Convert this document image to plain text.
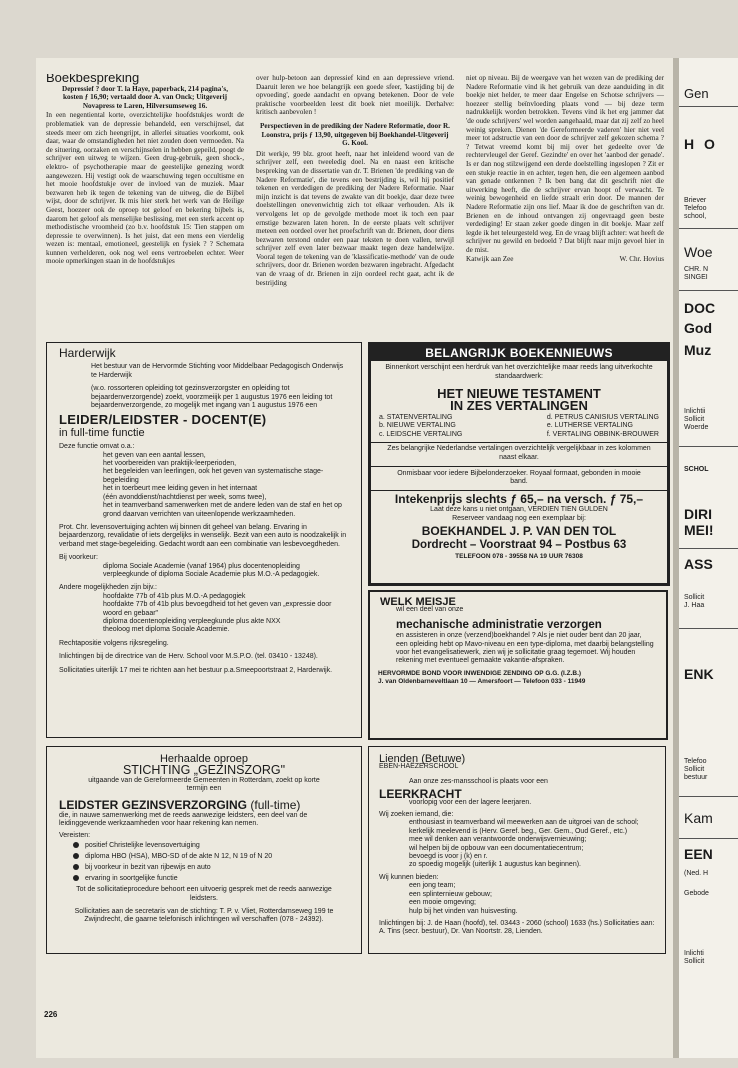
Gen
H O
Briever
Telefoo
school,
Woe
CHR. N
SINGEI
DOC
God
Muz
Inlichtii
Sollicit
Woerde
SCHOL
DIRI
MEI!
ASS
Sollicit
J. Haa
ENK
Telefoo
Sollicit
bestuur
Kam
EEN
(Ned. H
Gebode
Inlichti
Sollicit
Boekbespreking

Depressief ? door T. la Haye, paperback, 214 pagina's, kosten ƒ 16,90; vertaald door A. van Onck; Uitgeverij Novapress te Laren, Hilversumseweg 16.

In een negentiental korte, overzichtelijke hoofdstukjes wordt de problematiek van de depressie behandeld, een verschijnsel, dat steeds meer om zich heengrijpt, in allerlei situaties voorkomt, ook daar, waar de omstandigheden het niet zouden doen vermoeden. Na de situering, oorzaken en verschijnselen in hebben gepeild, poogt de schrijver een uitweg te wijzen. Geen drug-gebruik, geen shock-, elektro- of psychotherapie maar de geestelijke genezing wordt aangewezen. Hij vestigt ook de waarschuwing tegen occultisme en het mooie hoofdstukje over de invloed van de muziek. Maar bezwaren heb ik tegen de tekening van de uitweg, die de Bijbel wijst, door de schrijver. Ik mis hier sterk het werk van de Heilige Geest, hoezeer ook de oproep tot geloof en bekering bijbels is, daarom het geloof als menselijke beslissing, met een sterk accent op methodistische vroomheid (zo b.v. hoofdstuk 15: Tien stappen om depressie te overwinnen). Is het juist, dat een mens een vierdelig wezen is: mentaal, emotioneel, geestelijk en fysiek ? ? Schemata kunnen verhelderen, ook nog wel eens vertroebelen echter. Weer mooie opmerkingen staan in de hoofdstukjes

over hulp-betoon aan depressief kind en aan depressieve vriend. Daaruit leren we hoe belangrijk een goede sfeer, 'kastijding bij de opvoeding', goede aandacht en opvang betekenen. Door de vele praktische voorbeelden leest dit boek niet moeilijk. Derhalve: kritisch aanbevolen !

Perspectieven in de prediking der Nadere Reformatie, door R. Loonstra, prijs ƒ 13,90, uitgegeven bij Boekhandel-Uitgeverij G. Kool.

Dit werkje, 99 blz. groot heeft, naar het inleidend woord van de schrijver zelf, een tweeledig doel. Na en naast een kritische bespreking van de dissertatie van dr. T. Brienen 'de prediking van de Nadere Reformatie', die tevens een bestrijding is, wil hij positief tekenen en verdedigen de prediking der Nadere Reformatie. Naar mijn inzicht is dat tevens de zwakte van dit boekje, daar deze twee doelstellingen onevenwichtig zich tot elkaar verhouden. Als ik vervolgens let op de gevolgde methode moet ik toch een paar ernstige bezwaren laten horen. In de eerste plaats velt schrijver meteen een oordeel over het proefschrift van dr. Brienen, door diens bezwaren terstond onder een paar teksten te doen vallen, terwijl schrijver zelf even later bezwaar maakt tegen deze handelwijze. Vooral tegen de tekening van de 'klassificatie-methode' van de oude schrijvers, door dr. Brienen worden bezwaren ingebracht. Afgedacht van de vraag of dr. Brienen in zijn oordeel recht gaat, acht ik de bestrijding

niet op niveau. Bij de weergave van het wezen van de prediking der Nadere Reformatie vind ik het gebruik van deze aanduiding in dit boekje niet helder, te meer daar Engelse en Schotse schrijvers — hoezeer stellig beïnvloeding plaats vond — bij deze term nadrukkelijk worden betrokken. Tevens vind ik het erg jammer dat 'de oude schrijvers' wel worden aangehaald, maar dat zij zelf zo heel weinig spreken. Dienen 'de Gereformeerde vaderen' hier niet veel meer tot adstructie van een door de schrijver zelf gekozen schema ? ? Tetwat vreemd komt bij mij over het gedeelte over 'de rechtervleugel der Geref. Gezindte' en over het 'aanbod der genade'. Is er dan nog stilzwijgend een derde doelstelling ingeslopen ? Zit er een stukje reactie in en achter, tegen hen, die een algemeen aanbod van genade ontkennen ? Ik ben bang dat dit geschrift niet die uitwerking heeft, die de schrijver ervan hoopt of verwacht. Te weinig bewogenheid en liefde straalt erin door. De mannen der Nadere Reformatie zijn ons lief. Maar ik doe de geschriften van dr. Brienen en de inhoud ontvangen zij ongevraagd geen beste verdediging! Er staan zeker goede dingen in dit boekje. Maar zelf legde ik het teleurgesteld weg. En de vraag blijft achter: wat heeft de schrijver nu gewild en bedoeld ? Dat blijft naar mijn gevoel hier in de mist.

Katwijk aan Zee	W. Chr. Hovius

Harderwijk
Het bestuur van de Hervormde Stichting voor Middelbaar Pedagogisch Onderwijs te Harderwijk
(w.o. rossorteren opleiding tot gezinsverzorgster en opleiding tot bejaardenverzorgende) zoekt, voorzmeiijk per 1 augustus 1976 een leiding tot bejaardenverzorgende, zo mogelijk met ingang van 1 augustus 1976 een
LEIDER/LEIDSTER - DOCENT(E)
in full-time functie
Deze functie omvat o.a.:
het geven van een aantal lessen,
het voorbereiden van praktijk-leerperioden,
het begeleiden van leerlingen, ook het geven van systematische stage-begeleiding
het in toerbeurt mee leiding geven in het internaat
(één avonddienst/nachtdienst per week, soms twee),
het in teamverband samenwerken met de andere leden van de staf en het op grond daarvan verrichten van uiteenlopende werkzaamheden.
Prot. Chr. levensovertuiging achten wij binnen dit geheel van belang. Ervaring in bejaardenzorg, revalidatie of iets dergelijks in wenselijk. Bezit van een auto is noodzakelijk in verband met stage-begeleiding. Gedacht wordt aan een combinatie van lesbevoegdheden.
Bij voorkeur:
diploma Sociale Academie (vanaf 1964) plus docentenopleiding verpleegkunde of diploma Sociale Academie plus M.O.-A pedagogiek.
Andere mogelijkheden zijn bijv.:
hoofdakte 77b of 41b plus M.O.-A pedagogiek
hoofdakte 77b of 41b plus bevoegdheid tot het geven van „expressie door woord en gebaar"
diploma docentenopleiding verpleegkunde plus akte NXX
theoloog met diploma Sociale Academie.
Rechtapositie volgens rijksregeling.
Inlichtingen bij de directrice van de Herv. School voor M.S.P.O. (tel. 03410 - 13248).
Sollicitaties uiterlijk 17 mei te richten aan het bestuur p.a.Smeepoortstraat 2, Harderwijk.
BELANGRIJK BOEKENNIEUWS
Binnenkort verschijnt een herdruk van het overzichtelijke maar reeds lang uitverkochte standaardwerk:
HET NIEUWE TESTAMENT
IN ZES VERTALINGEN
a. STATENVERTALING
b. NIEUWE VERTALING
c. LEIDSCHE VERTALING
d. PETRUS CANISIUS VERTALING
e. LUTHERSE VERTALING
f. VERTALING OBBINK-BROUWER
Zes belangrijke Nederlandse vertalingen overzichtelijk vergelijkbaar in zes kolommen naast elkaar.
Onmisbaar voor iedere Bijbelonderzoeker. Royaal formaat, gebonden in mooie band.
Intekenprijs slechts ƒ 65,– na versch. ƒ 75,–
Laat deze kans u niet ontgaan, VERDIEN TIEN GULDEN
Reserveer vandaag nog een exemplaar bij:
BOEKHANDEL J. P. VAN DEN TOL
Dordrecht – Voorstraat 94 – Postbus 63
TELEFOON 078 - 39558 NA 19 UUR 76308
WELK MEISJE
wil een deel van onze
mechanische administratie verzorgen
en assisteren in onze (verzend)boekhandel ? Als je niet ouder bent dan 20 jaar, een opleiding hebt op Mavo-niveau en een type-diploma, met daarbij belangstelling voor het evangelisatiewerk, zien wij je sollicitatie graag tegemoet. Wij houden rekening met eventueel gemaakte vakantie-afspraken.
HERVORMDE BOND VOOR INWENDIGE ZENDING OP G.G. (I.Z.B.)
J. van Oldenbarneveltlaan 10 — Amersfoort — Telefoon 033 - 11949
Herhaalde oproep
STICHTING „GEZINSZORG"
uitgaande van de Gereformeerde Gemeenten in Rotterdam, zoekt op korte termijn een
LEIDSTER GEZINSVERZORGING (full-time)
die, in nauwe samenwerking met de reeds aanwezige leidsters, een deel van de leidinggevende werkzaamheden voor haar rekening kan nemen.
Vereisten:
positief Christelijke levensovertuiging
diploma HBO (HSA), MBO-SD of de akte N 12, N 19 of N 20
bij voorkeur in bezit van rijbewijs en auto
ervaring in soortgelijke functie
Tot de sollicitatieprocedure behoort een uitvoerig gesprek met de reeds aanwezige leidsters.
Sollicitaties aan de secretaris van de stichting: T. P. v. Vliet, Rotterdamseweg 199 te Zwijndrecht, die gaarne telefonisch inlichtingen wil verschaffen (078 - 24392).
Lienden (Betuwe)
EBEN-HAËZERSCHOOL
Aan onze zes-mansschool is plaats voor een
LEERKRACHT
voorlopig voor een der lagere leerjaren.
Wij zoeken iemand, die:
enthousiast in teamverband wil meewerken aan de uitgroei van de school;
kerkelijk meelevend is (Herv. Geref. beg., Ger. Gem., Oud Geref., etc.)
mee wil denken aan verantwoorde onderwijsvernieuwing;
wil helpen bij de opbouw van een documentatiecentrum;
bevoegd is voor j (k) en r.
zo spoedig mogelijk (uiterlijk 1 augustus kan beginnen).
Wij kunnen bieden:
een jong team;
een splinternieuw gebouw;
een mooie omgeving;
hulp bij het vinden van huisvesting.
Inlichtingen bij: J. de Haan (hoofd), tel. 03443 - 2060 (school) 1633 (hs.) Sollicitaties aan: A. Tins (secr. bestuur), Dr. Van Noortstr. 28, Lienden.
226
